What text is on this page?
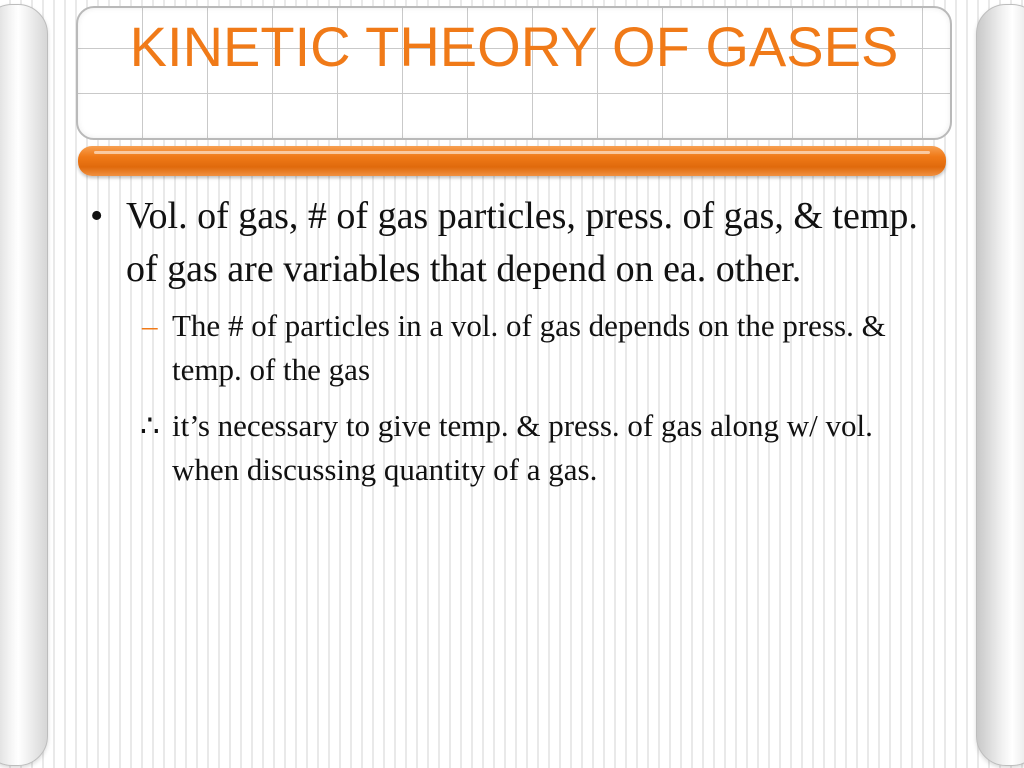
KINETIC THEORY OF GASES
• Vol. of gas, # of gas particles, press. of gas, & temp. of gas are variables that depend on ea. other.
– The # of particles in a vol. of gas depends on the press. & temp. of the gas
∴ it’s necessary to give temp. & press. of gas along w/ vol. when discussing quantity of a gas.
